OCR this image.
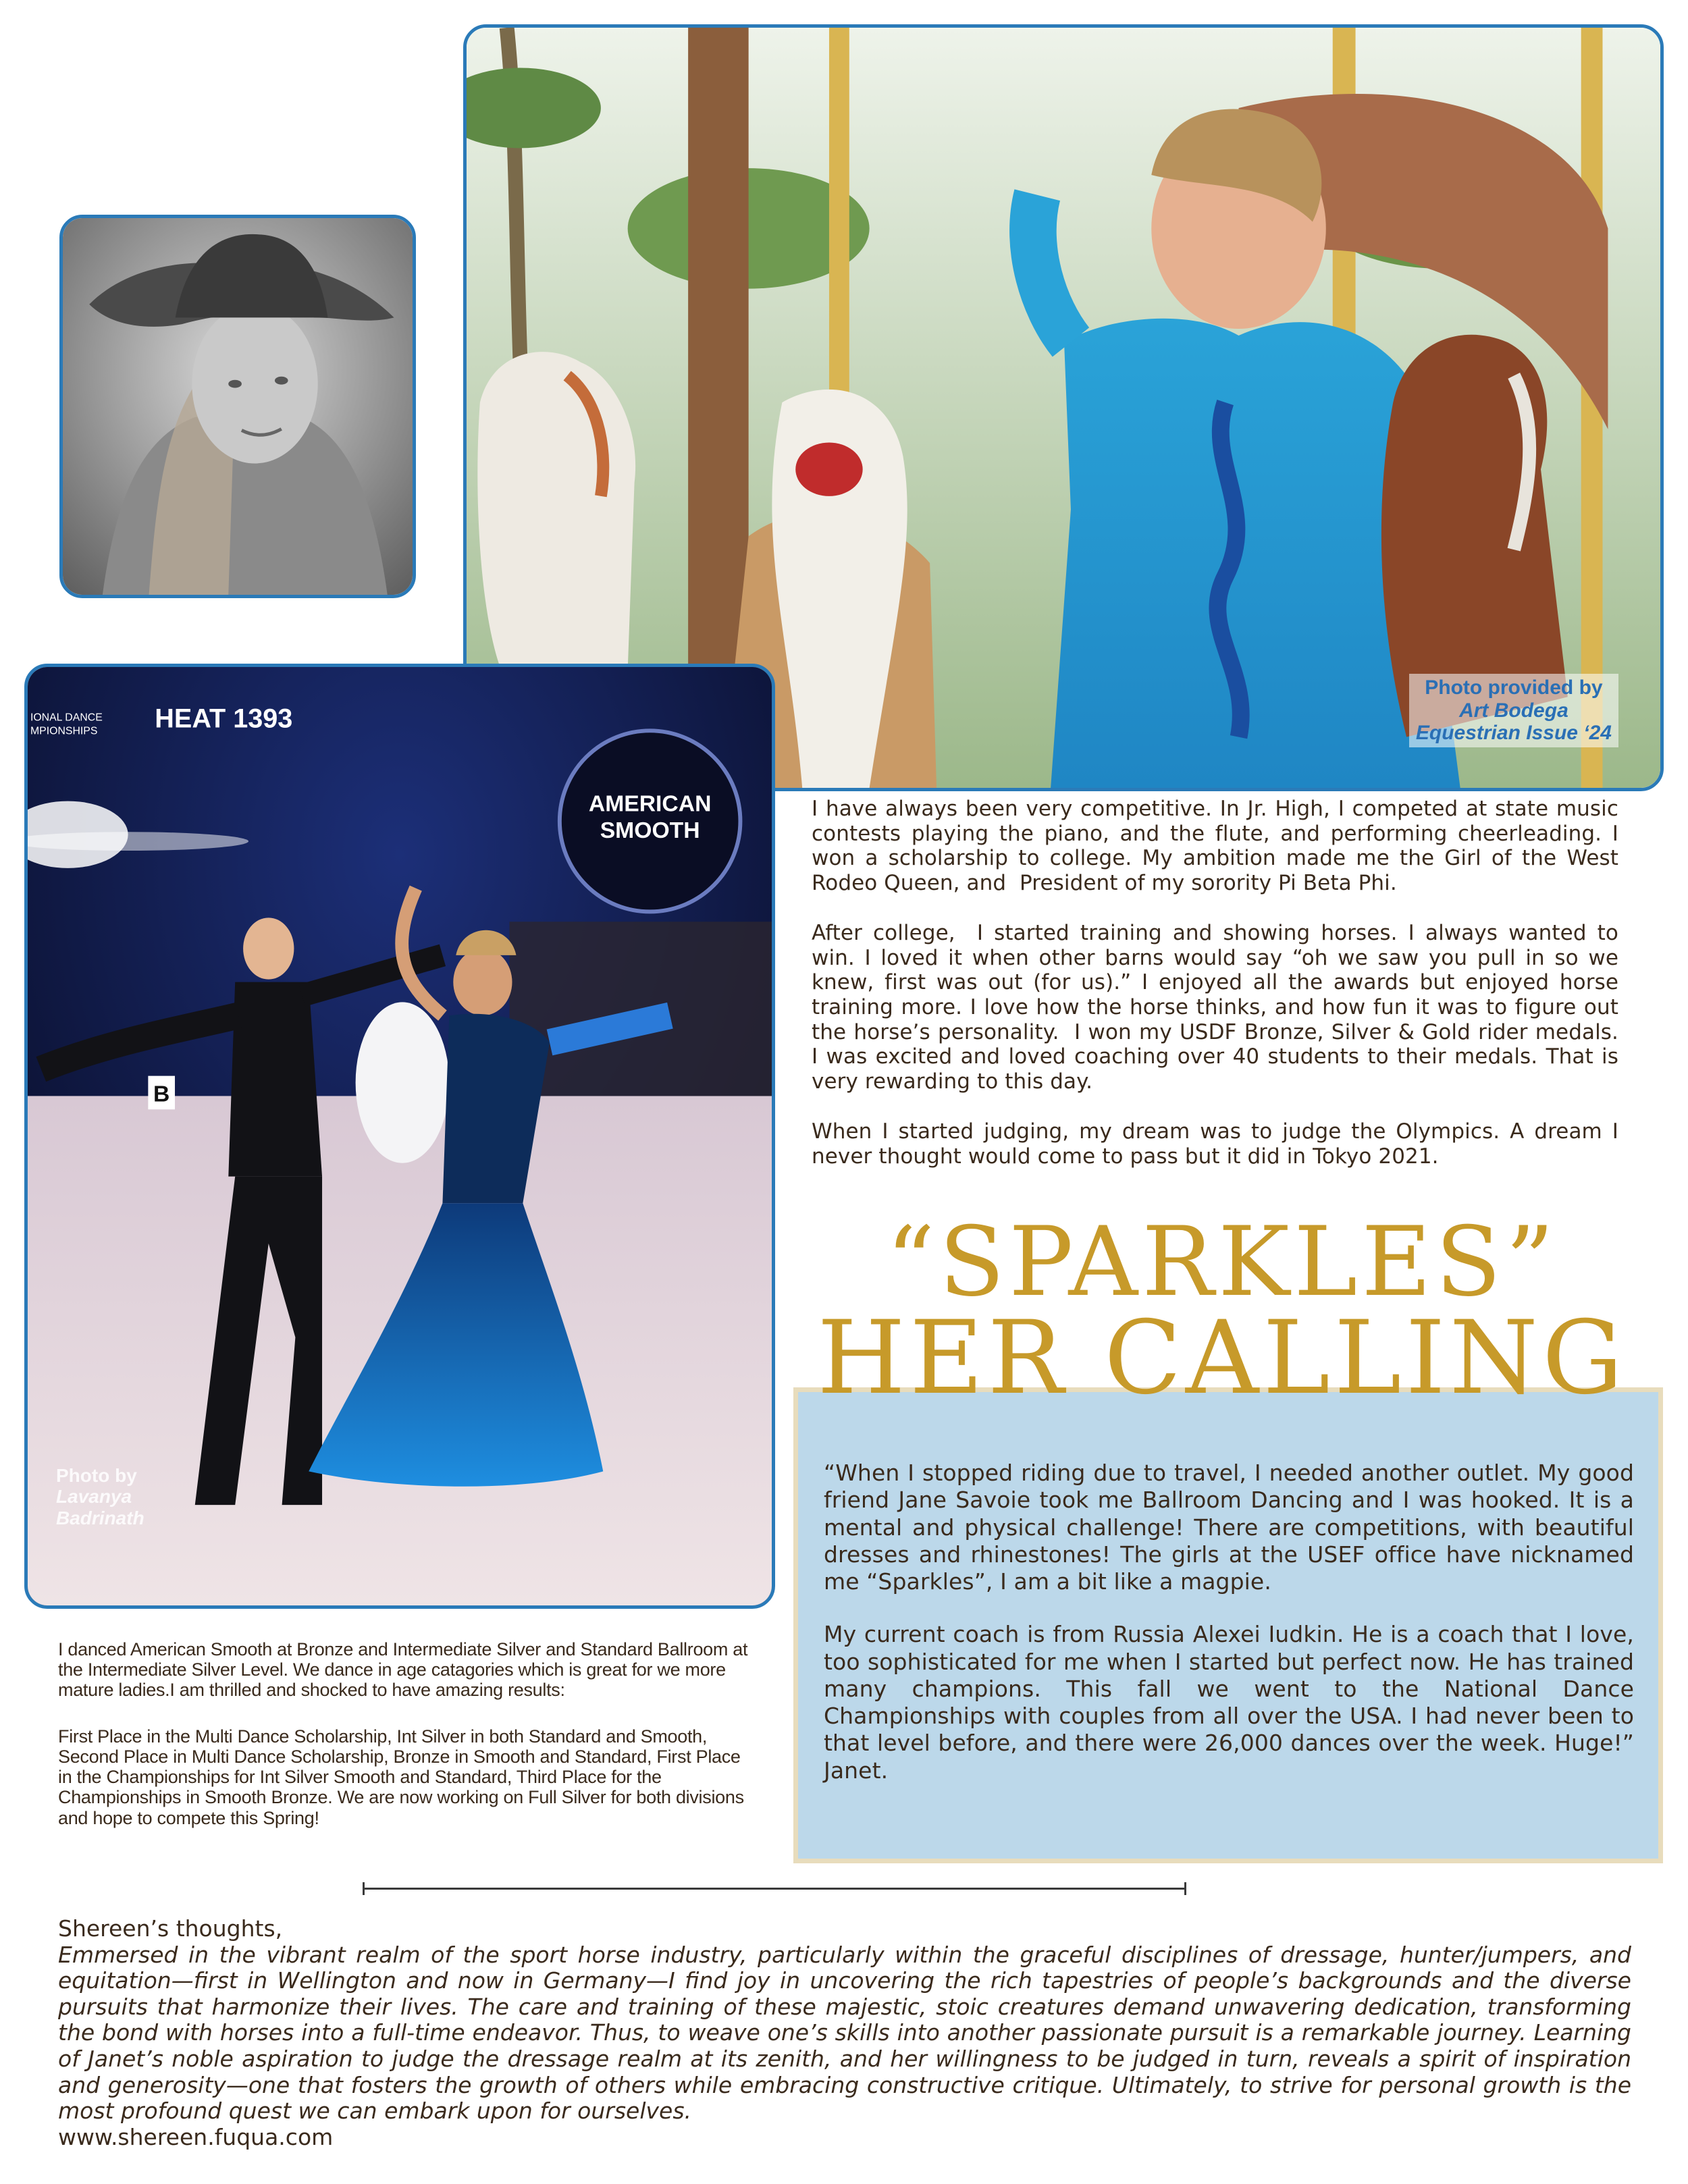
Photo provided by
Art Bodega
Equestrian Issue ‘24
AMERICAN
SMOOTH
HEAT 1393
IONAL DANCE
MPIONSHIPS
B
Photo by
Lavanya
Badrinath

I have always been very competitive. In Jr. High, I competed at state music contests playing the piano, and the flute, and performing cheerleading. I won a scholarship to college. My ambition made me the Girl of the West Rodeo Queen, and  President of my sorority Pi Beta Phi.

After college,  I started training and showing horses. I always wanted to win. I loved it when other barns would say “oh we saw you pull in so we knew, first was out (for us).” I enjoyed all the awards but enjoyed horse training more. I love how the horse thinks, and how fun it was to figure out the horse’s personality.  I won my USDF Bronze, Silver & Gold rider medals. I was excited and loved coaching over 40 students to their medals. That is very rewarding to this day.

When I started judging, my dream was to judge the Olympics. A dream I never thought would come to pass but it did in Tokyo 2021.

“When I stopped riding due to travel, I needed another outlet. My good friend Jane Savoie took me Ballroom Dancing and I was hooked. It is a mental and physical challenge! There are competitions, with beautiful dresses and rhinestones! The girls at the USEF office have nicknamed me “Sparkles”, I am a bit like a magpie.

My current coach is from Russia Alexei Iudkin. He is a coach that I love, too sophisticated for me when I started but perfect now. He has trained many champions. This fall we went to the National Dance Championships with couples from all over the USA. I had never been to that level before, and there were 26,000 dances over the week. Huge!” Janet.

“SPARKLES”
HER CALLING

I danced American Smooth at Bronze and Intermediate Silver and Standard Ballroom at the Intermediate Silver Level. We dance in age catagories which is great for we more mature ladies.I am thrilled and shocked to have amazing results:

First Place in the Multi Dance Scholarship, Int Silver in both Standard and Smooth, Second Place in Multi Dance Scholarship, Bronze in Smooth and Standard, First Place in the Championships for Int Silver Smooth and Standard, Third Place for the Championships in Smooth Bronze. We are now working on Full Silver for both divisions and hope to compete this Spring!

Shereen’s thoughts,
Emmersed in the vibrant realm of the sport horse industry, particularly within the graceful disciplines of dressage, hunter/jumpers, and equitation—first in Wellington and now in Germany—I find joy in uncovering the rich tapestries of people’s backgrounds and the diverse pursuits that harmonize their lives. The care and training of these majestic, stoic creatures demand unwavering dedication, transforming the bond with horses into a full-time endeavor. Thus, to weave one’s skills into another passionate pursuit is a remarkable journey. Learning of Janet’s noble aspiration to judge the dressage realm at its zenith, and her willingness to be judged in turn, reveals a spirit of inspiration and generosity—one that fosters the growth of others while embracing constructive critique. Ultimately, to strive for personal growth is the most profound quest we can embark upon for ourselves.
www.shereen.fuqua.com
